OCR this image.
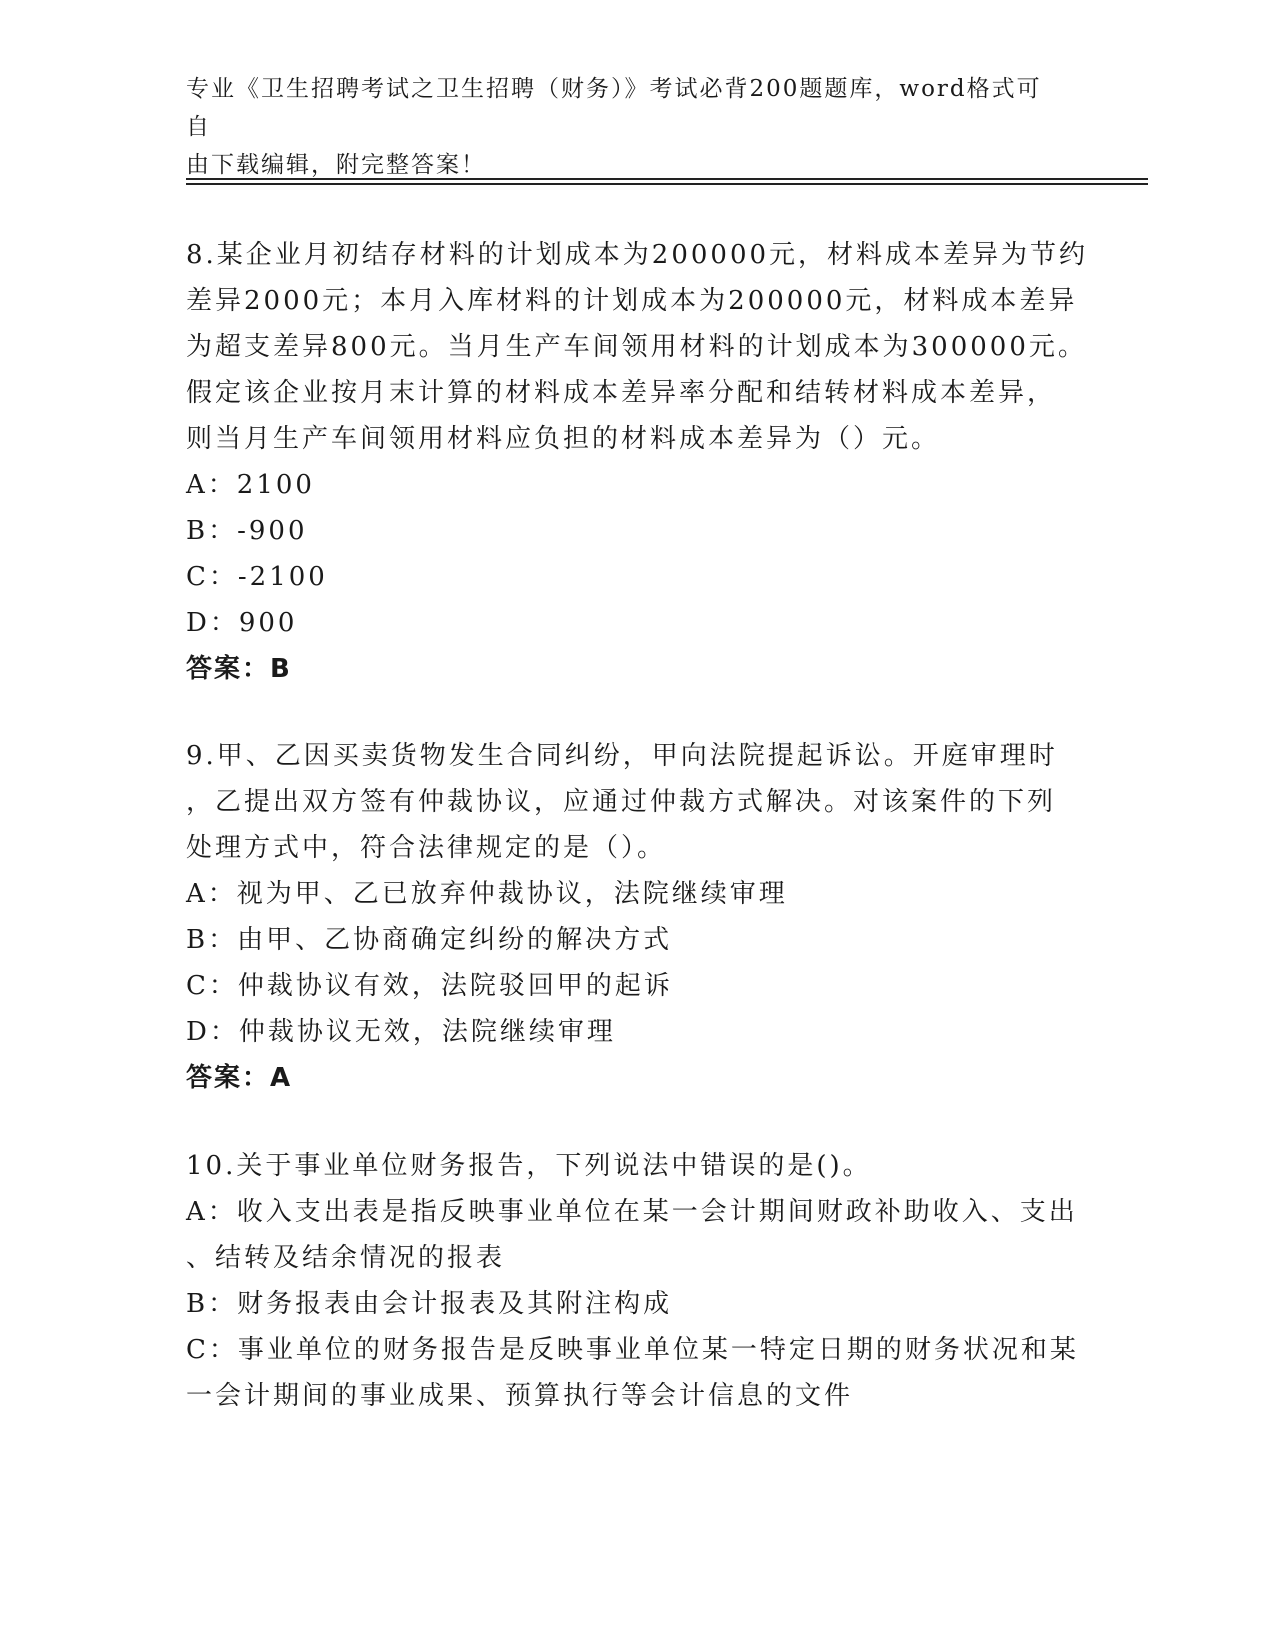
专业《卫生招聘考试之卫生招聘（财务）》考试必背200题题库，word格式可自
由下载编辑，附完整答案！
8.某企业月初结存材料的计划成本为200000元，材料成本差异为节约
差异2000元；本月入库材料的计划成本为200000元，材料成本差异
为超支差异800元。当月生产车间领用材料的计划成本为300000元。
假定该企业按月末计算的材料成本差异率分配和结转材料成本差异，
则当月生产车间领用材料应负担的材料成本差异为（）元。
A：2100
B：-900
C：-2100
D：900
答案：B
9.甲、乙因买卖货物发生合同纠纷，甲向法院提起诉讼。开庭审理时
，乙提出双方签有仲裁协议，应通过仲裁方式解决。对该案件的下列
处理方式中，符合法律规定的是（）。
A：视为甲、乙已放弃仲裁协议，法院继续审理
B：由甲、乙协商确定纠纷的解决方式
C：仲裁协议有效，法院驳回甲的起诉
D：仲裁协议无效，法院继续审理
答案：A
10.关于事业单位财务报告，下列说法中错误的是()。
A：收入支出表是指反映事业单位在某一会计期间财政补助收入、支出
、结转及结余情况的报表
B：财务报表由会计报表及其附注构成
C：事业单位的财务报告是反映事业单位某一特定日期的财务状况和某
一会计期间的事业成果、预算执行等会计信息的文件
